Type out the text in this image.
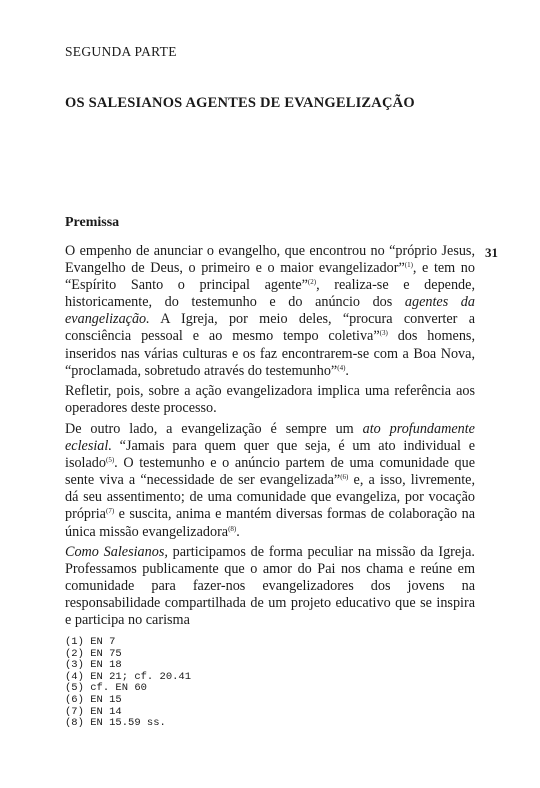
SEGUNDA PARTE
OS SALESIANOS AGENTES DE EVANGELIZAÇÃO
Premissa
31

O empenho de anunciar o evangelho, que encontrou no “próprio Jesus, Evangelho de Deus, o primeiro e o maior evangelizador”$^{(1)}$, e tem no “Espírito Santo o principal agente”$^{(2)}$, realiza-se e depende, historicamente, do testemunho e do anúncio dos agentes da evangelização. A Igreja, por meio deles, “procura converter a consciência pessoal e ao mesmo tempo coletiva”$^{(3)}$ dos homens, inseridos nas várias culturas e os faz encontrarem-se com a Boa Nova, “proclamada, sobretudo através do testemunho”$^{(4)}$.

Refletir, pois, sobre a ação evangelizadora implica uma referência aos operadores deste processo.

De outro lado, a evangelização é sempre um ato profundamente eclesial. “Jamais para quem quer que seja, é um ato individual e isolado$^{(5)}$. O testemunho e o anúncio partem de uma comunidade que sente viva a “necessidade de ser evangelizada”$^{(6)}$ e, a isso, livremente, dá seu assentimento; de uma comunidade que evangeliza, por vocação própria$^{(7)}$ e suscita, anima e mantém diversas formas de colaboração na única missão evangelizadora$^{(8)}$.

Como Salesianos, participamos de forma peculiar na missão da Igreja. Professamos publicamente que o amor do Pai nos chama e reúne em comunidade para fazer-nos evangelizadores dos jovens na responsabilidade compartilhada de um projeto educativo que se inspira e participa no carisma

(1) EN 7
(2) EN 75
(3) EN 18
(4) EN 21; cf. 20.41
(5) cf. EN 60
(6) EN 15
(7) EN 14
(8) EN 15.59 ss.
